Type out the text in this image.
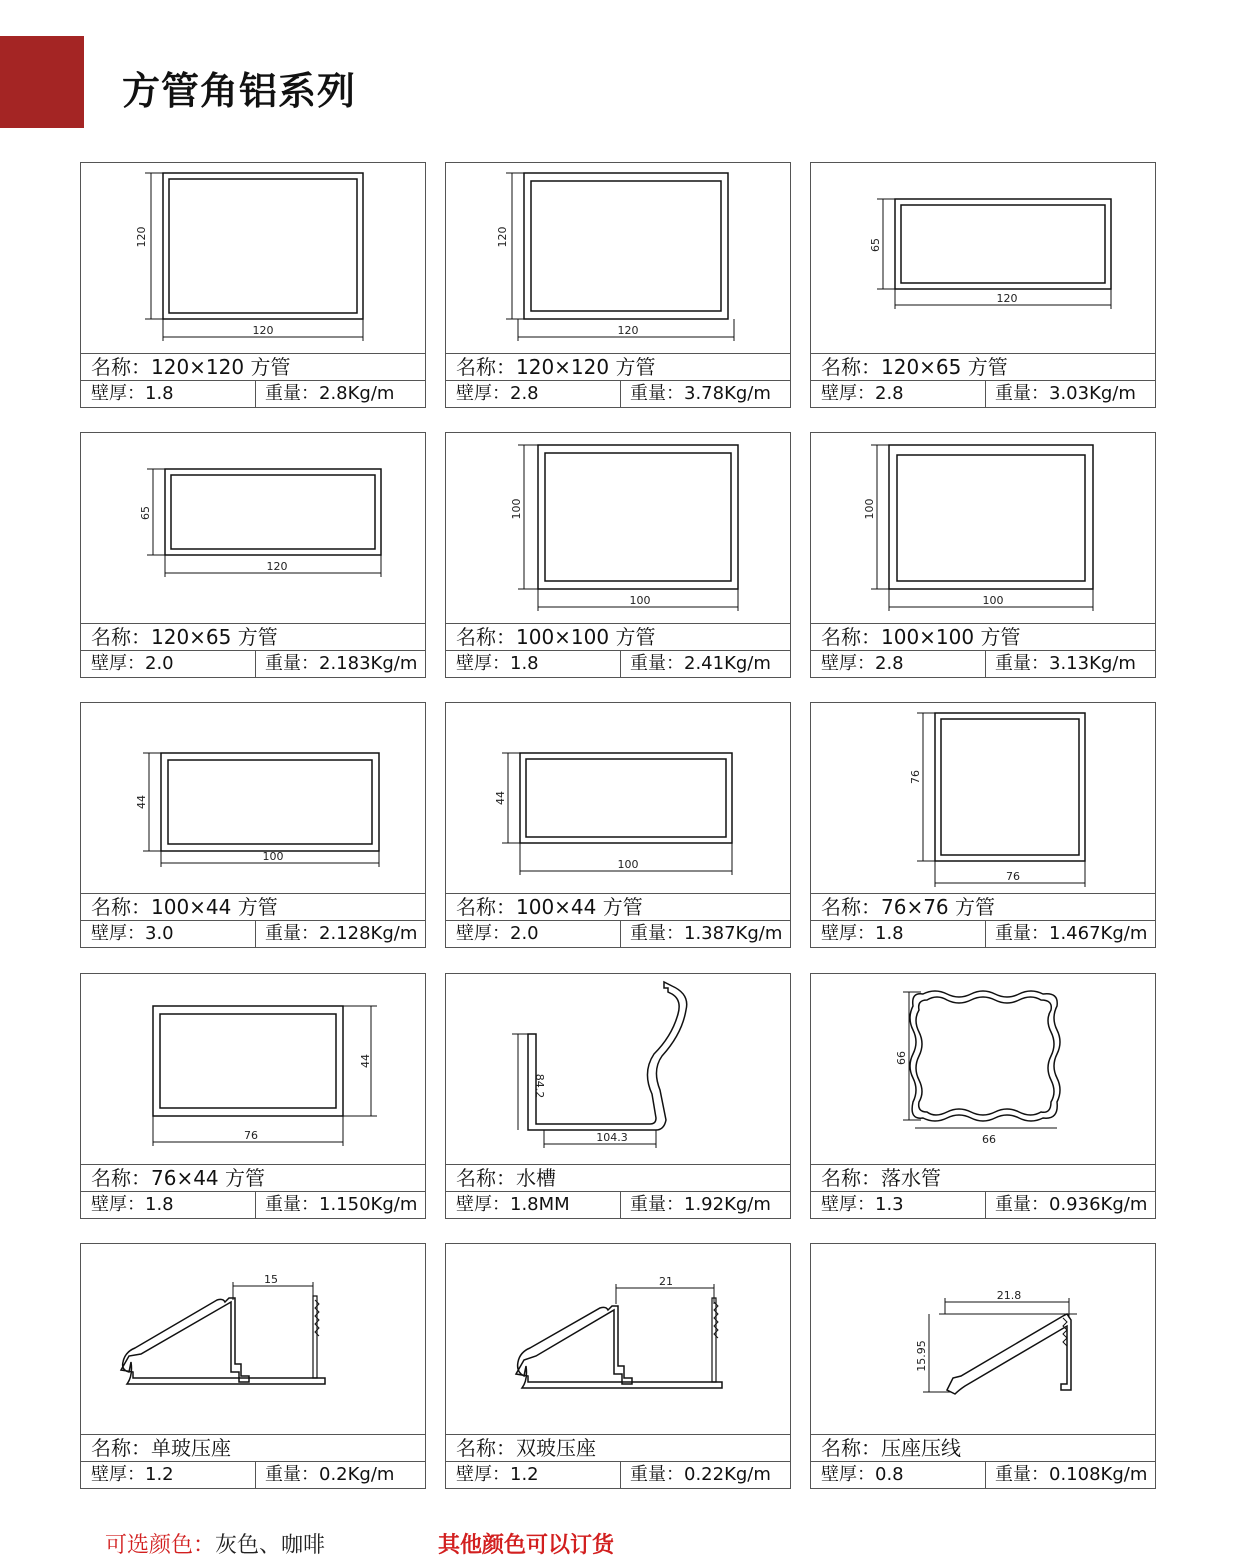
方管角铝系列
120
120
名称：120×120 方管
壁厚：1.8	重量：2.8Kg/m
120
120
名称：120×120 方管
壁厚：2.8	重量：3.78Kg/m
65
120
名称：120×65 方管
壁厚：2.8	重量：3.03Kg/m
65
120
名称：120×65 方管
壁厚：2.0	重量：2.183Kg/m
100
100
名称：100×100 方管
壁厚：1.8	重量：2.41Kg/m
100
100
名称：100×100 方管
壁厚：2.8	重量：3.13Kg/m
44
100
名称：100×44 方管
壁厚：3.0	重量：2.128Kg/m
44
100
名称：100×44 方管
壁厚：2.0	重量：1.387Kg/m
76
76
名称：76×76 方管
壁厚：1.8	重量：1.467Kg/m
44
76
名称：76×44 方管
壁厚：1.8	重量：1.150Kg/m
84.2
104.3
名称：水槽
壁厚：1.8MM	重量：1.92Kg/m
66
66
名称：落水管
壁厚：1.3	重量：0.936Kg/m
15
名称：单玻压座
壁厚：1.2	重量：0.2Kg/m
21
名称：双玻压座
壁厚：1.2	重量：0.22Kg/m
21.8
15.95
名称：压座压线
壁厚：0.8	重量：0.108Kg/m
可选颜色：灰色、咖啡	其他颜色可以订货
